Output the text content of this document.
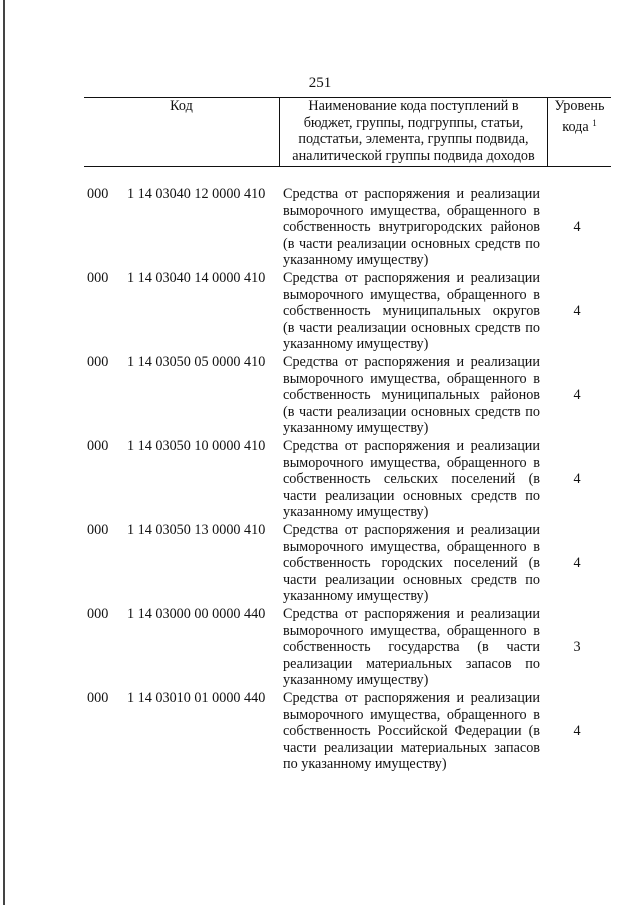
251
Код	Наименование кода поступлений в
бюджет, группы, подгруппы, статьи,
подстатьи, элемента, группы подвида,
аналитической группы подвида доходов
Уровень
кода $^1$
000 1 14 03040 12 0000 410 Средства от распоряжения и реализации
выморочного имущества, обращенного в
собственность внутригородских районов
(в части реализации основных средств по
указанному имуществу)
4
000 1 14 03040 14 0000 410 Средства от распоряжения и реализации
выморочного имущества, обращенного в
собственность муниципальных округов
(в части реализации основных средств по
указанному имуществу)
4
000 1 14 03050 05 0000 410 Средства от распоряжения и реализации
выморочного имущества, обращенного в
собственность муниципальных районов
(в части реализации основных средств по
указанному имуществу)
4
000 1 14 03050 10 0000 410 Средства от распоряжения и реализации
выморочного имущества, обращенного в
собственность сельских поселений (в
части реализации основных средств по
указанному имуществу)
4
000 1 14 03050 13 0000 410 Средства от распоряжения и реализации
выморочного имущества, обращенного в
собственность городских поселений (в
части реализации основных средств по
указанному имуществу)
4
000 1 14 03000 00 0000 440 Средства от распоряжения и реализации
выморочного имущества, обращенного в
собственность государства (в части
реализации материальных запасов по
указанному имуществу)
3
000 1 14 03010 01 0000 440 Средства от распоряжения и реализации
выморочного имущества, обращенного в
собственность Российской Федерации (в
части реализации материальных запасов
по указанному имуществу)
4
